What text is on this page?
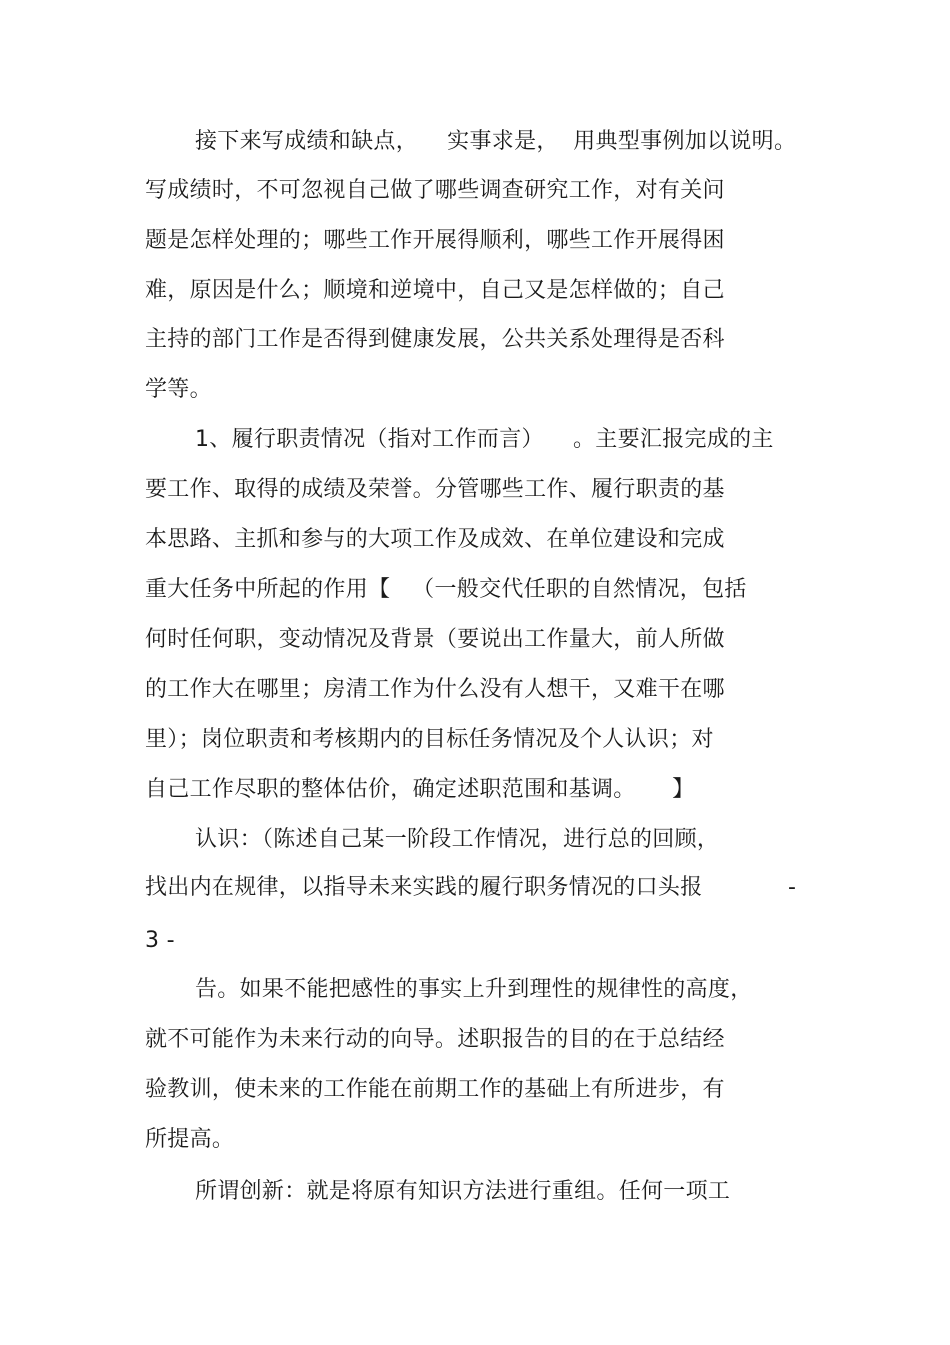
接下来写成绩和缺点，    实事求是，  用典型事例加以说明。
写成绩时，不可忽视自己做了哪些调查研究工作，对有关问
题是怎样处理的；哪些工作开展得顺利，哪些工作开展得困
难，原因是什么；顺境和逆境中，自己又是怎样做的；自己
主持的部门工作是否得到健康发展，公共关系处理得是否科
学等。
1、履行职责情况（指对工作而言）    。主要汇报完成的主
要工作、取得的成绩及荣誉。分管哪些工作、履行职责的基
本思路、主抓和参与的大项工作及成效、在单位建设和完成
重大任务中所起的作用【   （一般交代任职的自然情况，包括
何时任何职，变动情况及背景（要说出工作量大，前人所做
的工作大在哪里；房清工作为什么没有人想干，又难干在哪
里）；岗位职责和考核期内的目标任务情况及个人认识；对
自己工作尽职的整体估价，确定述职范围和基调。     】
认识：（陈述自己某一阶段工作情况，进行总的回顾，
找出内在规律，以指导未来实践的履行职务情况的口头报	-
3 -
告。如果不能把感性的事实上升到理性的规律性的高度，
就不可能作为未来行动的向导。述职报告的目的在于总结经
验教训，使未来的工作能在前期工作的基础上有所进步，有
所提高。
所谓创新：就是将原有知识方法进行重组。任何一项工
